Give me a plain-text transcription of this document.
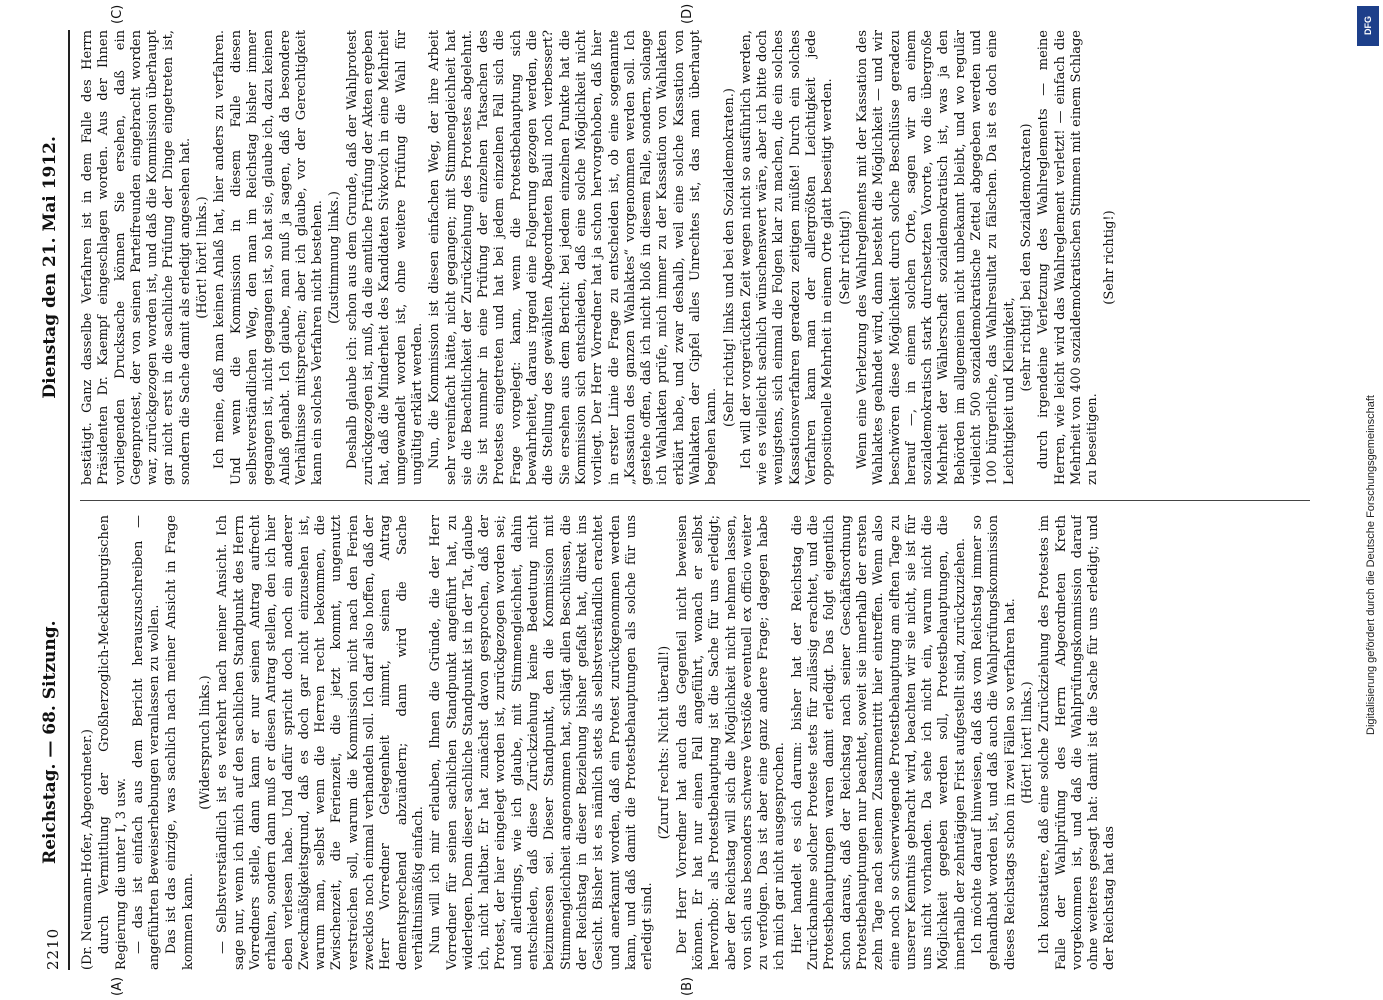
2210
Reichstag. — 68. Sitzung.  Dienstag den 21. Mai 1912.
(A)	(B)
(C)	(D)

(Dr. Neumann-Hofer, Abgeordneter.) durch Vermittlung der Großherzoglich-Mecklenburgischen Regierung die unter I, 3 usw. — das ist einfach aus dem Bericht herauszuschreiben — angeführten Beweiserhebungen veranlassen zu wollen. Das ist das einzige, was sachlich nach meiner Ansicht in Frage kommen kann.

(Widerspruch links.) — Selbstverständlich ist es verkehrt nach meiner Ansicht. Ich sage nur, wenn ich mich auf den sachlichen Standpunkt des Herrn Vorredners stelle, dann kann er nur seinen Antrag aufrecht erhalten, sondern dann muß er diesen Antrag stellen, den ich hier eben verlesen habe. Und dafür spricht doch noch ein anderer Zweckmäßigkeitsgrund, daß es doch gar nicht einzusehen ist, warum man, selbst wenn die Herren recht bekommen, die Zwischenzeit, die Ferienzeit, die jetzt kommt, ungenutzt verstreichen soll, warum die Kommission nicht nach den Ferien zwecklos noch einmal verhandeln soll. Ich darf also hoffen, daß der Herr Vorredner Gelegenheit nimmt, seinen Antrag dementsprechend abzuändern; dann wird die Sache verhältnismäßig einfach. Nun will ich mir erlauben, Ihnen die Gründe, die der Herr Vorredner für seinen sachlichen Standpunkt angeführt hat, zu widerlegen. Denn dieser sachliche Standpunkt ist in der Tat, glaube ich, nicht haltbar. Er hat zunächst davon gesprochen, daß der Protest, der hier eingelegt worden ist, zurückgezogen worden sei; und allerdings, wie ich glaube, mit Stimmengleichheit, dahin entschieden, daß diese Zurückziehung keine Bedeutung nicht beizumessen sei. Dieser Standpunkt, den die Kommission mit Stimmengleichheit angenommen hat, schlägt allen Beschlüssen, die der Reichstag in dieser Beziehung bisher gefaßt hat, direkt ins Gesicht. Bisher ist es nämlich stets als selbstverständlich erachtet und anerkannt worden, daß ein Protest zurückgenommen werden kann, und daß damit die Protestbehauptungen als solche für uns erledigt sind.

(Zuruf rechts: Nicht überall!) Der Herr Vorredner hat auch das Gegenteil nicht beweisen können. Er hat nur einen Fall angeführt, wonach er selbst hervorhob: als Protestbehauptung ist die Sache für uns erledigt; aber der Reichstag will sich die Möglichkeit nicht nehmen lassen, von sich aus besonders schwere Verstöße eventuell ex officio weiter zu verfolgen. Das ist aber eine ganz andere Frage; dagegen habe ich mich gar nicht ausgesprochen. Hier handelt es sich darum: bisher hat der Reichstag die Zurücknahme solcher Proteste stets für zulässig erachtet, und die Protestbehauptungen waren damit erledigt. Das folgt eigentlich schon daraus, daß der Reichstag nach seiner Geschäftsordnung Protestbehauptungen nur beachtet, soweit sie innerhalb der ersten zehn Tage nach seinem Zusammentritt hier eintreffen. Wenn also eine noch so schwerwiegende Protestbehauptung am elften Tage zu unserer Kenntnis gebracht wird, beachten wir sie nicht, sie ist für uns nicht vorhanden. Da sehe ich nicht ein, warum nicht die Möglichkeit gegeben werden soll, Protestbehauptungen, die innerhalb der zehntägigen Frist aufgestellt sind, zurückzuziehen. Ich möchte darauf hinweisen, daß das vom Reichstag immer so gehandhabt worden ist, und daß auch die Wahlprüfungskommission dieses Reichstags schon in zwei Fällen so verfahren hat. (Hört! hört! links.) Ich konstatiere, daß eine solche Zurückziehung des Protestes im Falle der Wahlprüfung des Herrn Abgeordneten Kreth vorgekommen ist, und daß die Wahlprüfungskommission darauf ohne weiteres gesagt hat: damit ist die Sache für uns erledigt; und der Reichstag hat das

bestätigt. Ganz dasselbe Verfahren ist in dem Falle des Herrn Präsidenten Dr. Kaempf eingeschlagen worden. Aus der Ihnen vorliegenden Drucksache können Sie ersehen, daß ein Gegenprotest, der von seinen Parteifreunden eingebracht worden war, zurückgezogen worden ist, und daß die Kommission überhaupt gar nicht erst in die sachliche Prüfung der Dinge eingetreten ist, sondern die Sache damit als erledigt angesehen hat. (Hört! hört! links.) Ich meine, daß man keinen Anlaß hat, hier anders zu verfahren. Und wenn die Kommission in diesem Falle diesen selbstverständlichen Weg, den man im Reichstag bisher immer gegangen ist, nicht gegangen ist, so hat sie, glaube ich, dazu keinen Anlaß gehabt. Ich glaube, man muß ja sagen, daß da besondere Verhältnisse mitsprechen; aber ich glaube, vor der Gerechtigkeit kann ein solches Verfahren nicht bestehen. (Zustimmung links.) Deshalb glaube ich: schon aus dem Grunde, daß der Wahlprotest zurückgezogen ist, muß, da die amtliche Prüfung der Akten ergeben hat, daß die Minderheit des Kandidaten Sivkovich in eine Mehrheit umgewandelt worden ist, ohne weitere Prüfung die Wahl für ungültig erklärt werden. Nun, die Kommission ist diesen einfachen Weg, der ihre Arbeit sehr vereinfacht hätte, nicht gegangen; mit Stimmengleichheit hat sie die Beachtlichkeit der Zurückziehung des Protestes abgelehnt. Sie ist nunmehr in eine Prüfung der einzelnen Tatsachen des Protestes eingetreten und hat bei jedem einzelnen Fall sich die Frage vorgelegt: kann, wenn die Protestbehauptung sich bewahrheitet, daraus irgend eine Folgerung gezogen werden, die die Stellung des gewählten Abgeordneten Bauli noch verbessert? Sie ersehen aus dem Bericht: bei jedem einzelnen Punkte hat die Kommission sich entschieden, daß eine solche Möglichkeit nicht vorliegt. Der Herr Vorredner hat ja schon hervorgehoben, daß hier in erster Linie die Frage zu entscheiden ist, ob eine sogenannte „Kassation des ganzen Wahlaktes“ vorgenommen werden soll. Ich gestehe offen, daß ich nicht bloß in diesem Falle, sondern, solange ich Wahlakten prüfe, mich immer zu der Kassation von Wahlakten erklärt habe, und zwar deshalb, weil eine solche Kassation von Wahlakten der Gipfel alles Unrechtes ist, das man überhaupt begehen kann.

(Sehr richtig! links und bei den Sozialdemokraten.) Ich will der vorgerückten Zeit wegen nicht so ausführlich werden, wie es vielleicht sachlich wünschenswert wäre, aber ich bitte doch wenigstens, sich einmal die Folgen klar zu machen, die ein solches Kassationsverfahren geradezu zeitigen müßte! Durch ein solches Verfahren kann man der allergrößten Leichtigkeit jede oppositionelle Mehrheit in einem Orte glatt beseitigt werden. (Sehr richtig!) Wenn eine Verletzung des Wahlreglements mit der Kassation des Wahlaktes geahndet wird, dann besteht die Möglichkeit — und wir beschwören diese Möglichkeit durch solche Beschlüsse geradezu herauf —, in einem solchen Orte, sagen wir an einem sozialdemokratisch stark durchsetzten Vororte, wo die übergroße Mehrheit der Wählerschaft sozialdemokratisch ist, was ja den Behörden im allgemeinen nicht unbekannt bleibt, und wo regulär vielleicht 500 sozialdemokratische Zettel abgegeben werden und 100 bürgerliche, das Wahlresultat zu fälschen. Da ist es doch eine Leichtigkeit und Kleinigkeit, (sehr richtig! bei den Sozialdemokraten) durch irgendeine Verletzung des Wahlreglements — meine Herren, wie leicht wird das Wahlreglement verletzt! — einfach die Mehrheit von 400 sozialdemokratischen Stimmen mit einem Schlage zu beseitigen.

(Sehr richtig!)

DFG
Digitalisierung gefördert durch die Deutsche Forschungsgemeinschaft
